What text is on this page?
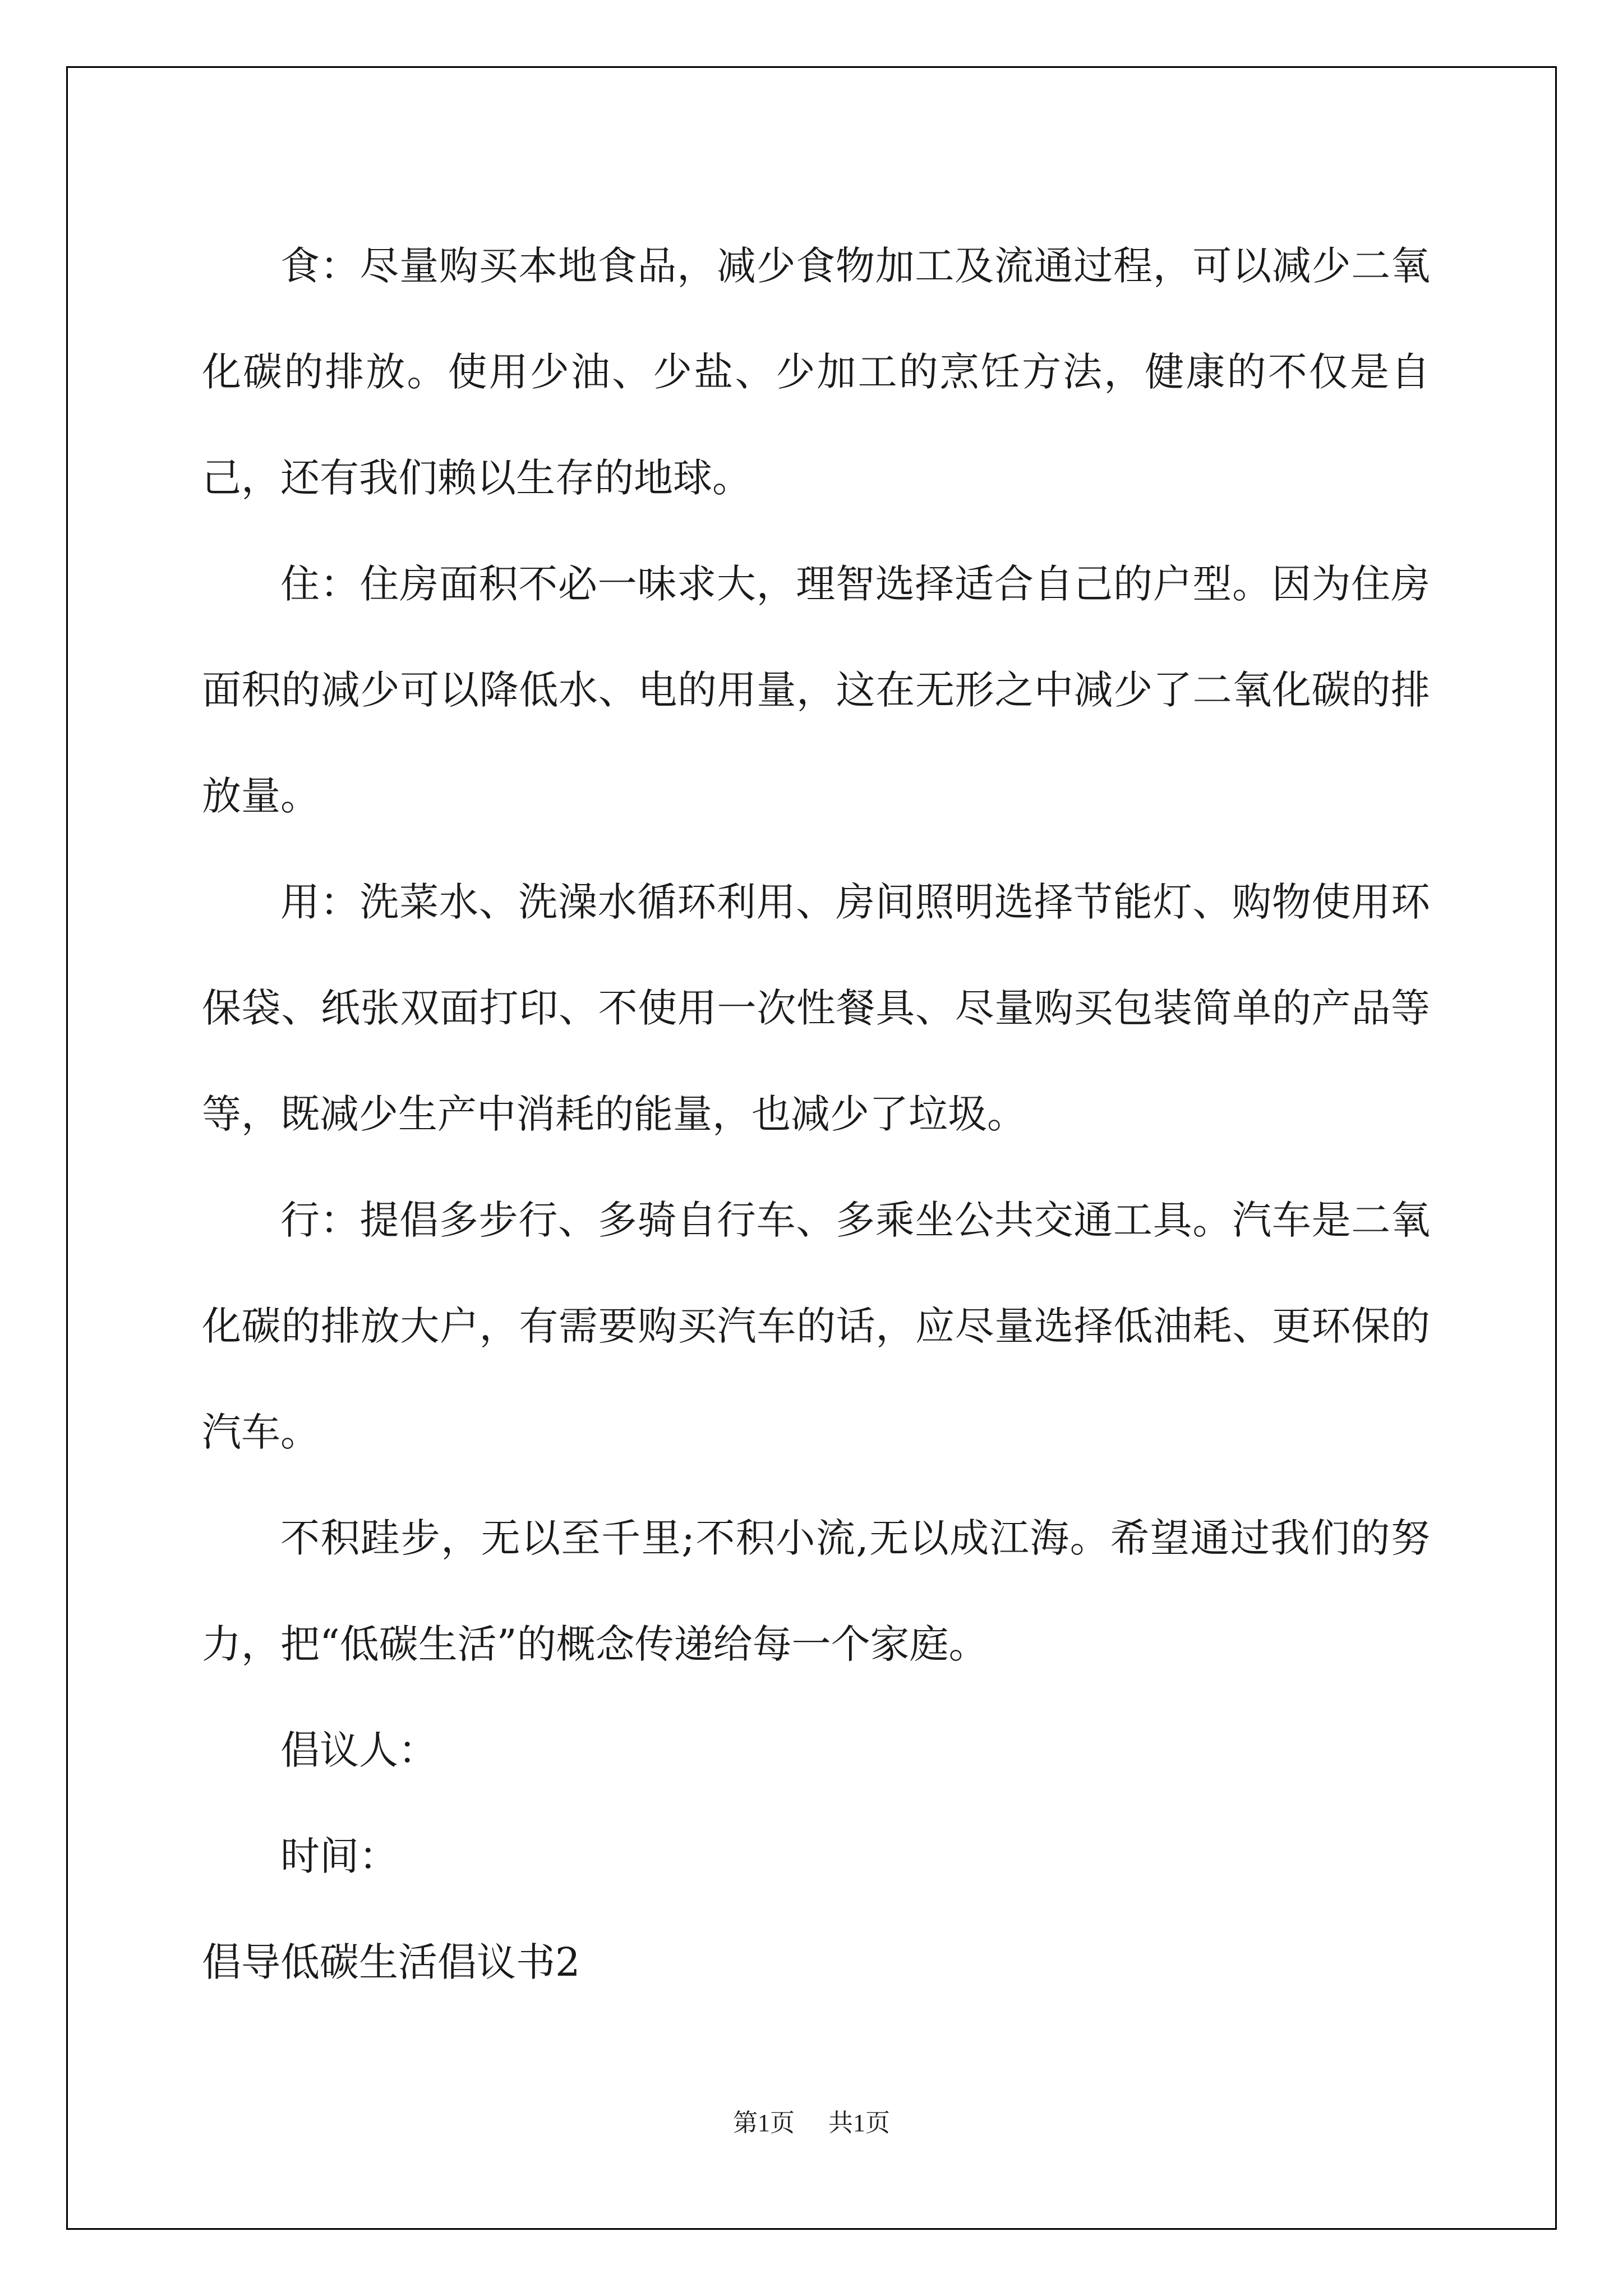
食：尽量购买本地食品，减少食物加工及流通过程，可以减少二氧化碳的排放。使用少油、少盐、少加工的烹饪方法，健康的不仅是自己，还有我们赖以生存的地球。

住：住房面积不必一味求大，理智选择适合自己的户型。因为住房面积的减少可以降低水、电的用量，这在无形之中减少了二氧化碳的排放量。

用：洗菜水、洗澡水循环利用、房间照明选择节能灯、购物使用环保袋、纸张双面打印、不使用一次性餐具、尽量购买包装简单的产品等等，既减少生产中消耗的能量，也减少了垃圾。

行：提倡多步行、多骑自行车、多乘坐公共交通工具。汽车是二氧化碳的排放大户，有需要购买汽车的话，应尽量选择低油耗、更环保的汽车。

不积跬步，无以至千里;不积小流,无以成江海。希望通过我们的努力，把“低碳生活”的概念传递给每一个家庭。

倡议人：

时间：

倡导低碳生活倡议书2

第1页 共1页
